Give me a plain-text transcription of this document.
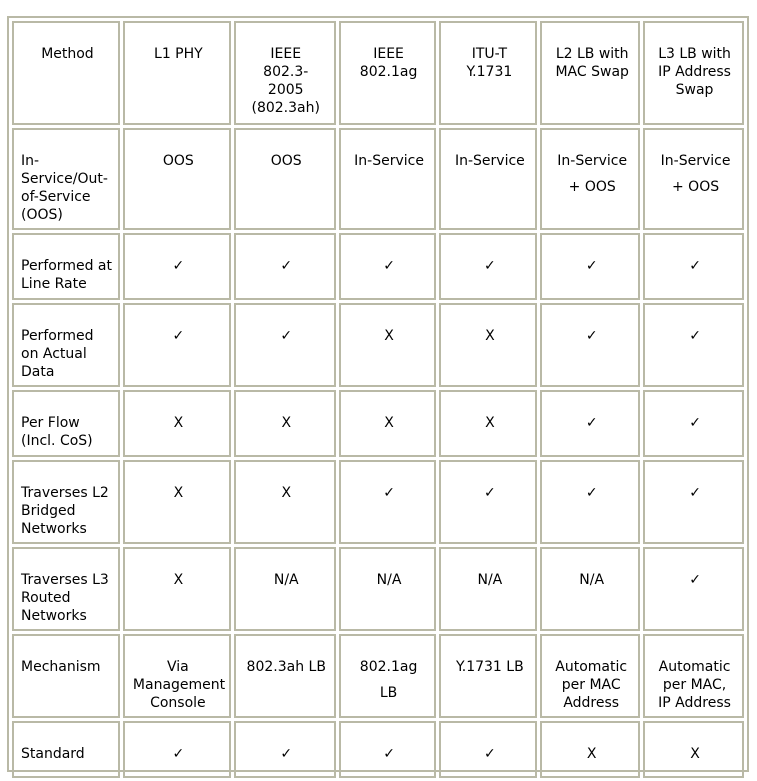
Method	L1 PHY	IEEE 802.3-2005 (802.3ah)	IEEE 802.1ag	ITU-T Y.1731	L2 LB with MAC Swap	L3 LB with IP Address Swap
In-Service/Out-of-Service (OOS)	OOS	OOS	In-Service	In-Service	In-Service + OOS	In-Service + OOS
Performed at Line Rate	✓	✓	✓	✓	✓	✓
Performed on Actual Data	✓	✓	X	X	✓	✓
Per Flow (Incl. CoS)	X	X	X	X	✓	✓
Traverses L2 Bridged Networks	X	X	✓	✓	✓	✓
Traverses L3 Routed Networks	X	N/A	N/A	N/A	N/A	✓
Mechanism	Via Management Console	802.3ah LB	802.1ag LB	Y.1731 LB	Automatic per MAC Address	Automatic per MAC, IP Address
Standard	✓	✓	✓	✓	X	X
